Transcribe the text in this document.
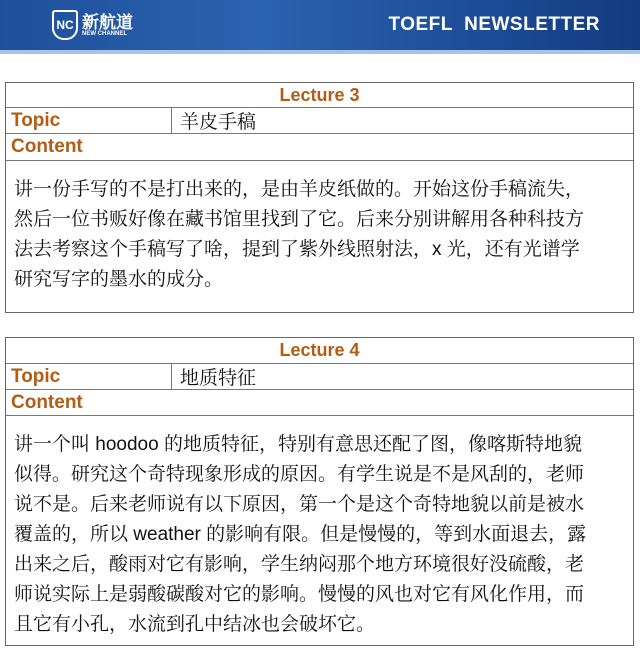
NC 新航道
NEW CHANNEL	TOEFL  NEWSLETTER
Lecture 3
Topic	羊皮手稿
Content
讲一份手写的不是打出来的，是由羊皮纸做的。开始这份手稿流失，
然后一位书贩好像在藏书馆里找到了它。后来分别讲解用各种科技方
法去考察这个手稿写了啥，提到了紫外线照射法，x 光，还有光谱学
研究写字的墨水的成分。
Lecture 4
Topic	地质特征
Content
讲一个叫 hoodoo 的地质特征，特别有意思还配了图，像喀斯特地貌
似得。研究这个奇特现象形成的原因。有学生说是不是风刮的，老师
说不是。后来老师说有以下原因，第一个是这个奇特地貌以前是被水
覆盖的，所以 weather 的影响有限。但是慢慢的，等到水面退去，露
出来之后，酸雨对它有影响，学生纳闷那个地方环境很好没硫酸，老
师说实际上是弱酸碳酸对它的影响。慢慢的风也对它有风化作用，而
且它有小孔，水流到孔中结冰也会破坏它。
